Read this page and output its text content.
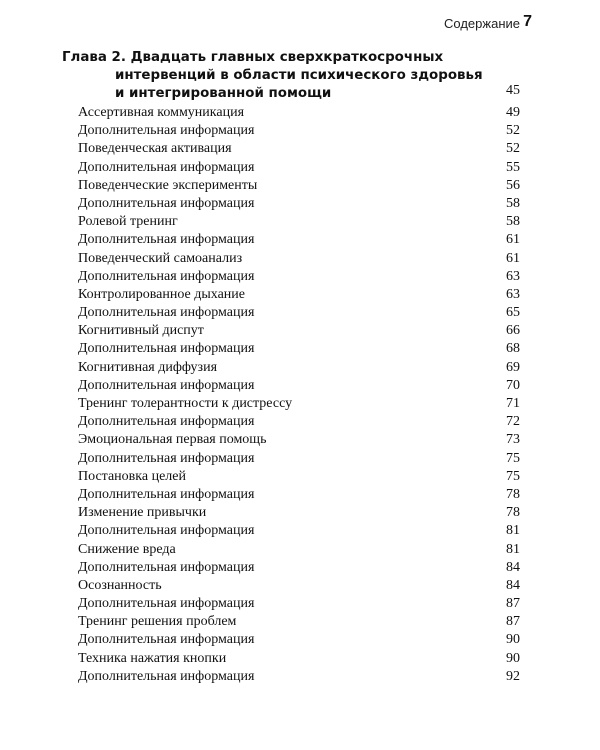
Содержание 7
Глава 2. Двадцать главных сверхкраткосрочных
интервенций в области психического здоровья
и интегрированной помощи	45
Ассертивная коммуникация	49
Дополнительная информация	52
Поведенческая активация	52
Дополнительная информация	55
Поведенческие эксперименты	56
Дополнительная информация	58
Ролевой тренинг	58
Дополнительная информация	61
Поведенческий самоанализ	61
Дополнительная информация	63
Контролированное дыхание	63
Дополнительная информация	65
Когнитивный диспут	66
Дополнительная информация	68
Когнитивная диффузия	69
Дополнительная информация	70
Тренинг толерантности к дистрессу	71
Дополнительная информация	72
Эмоциональная первая помощь	73
Дополнительная информация	75
Постановка целей	75
Дополнительная информация	78
Изменение привычки	78
Дополнительная информация	81
Снижение вреда	81
Дополнительная информация	84
Осознанность	84
Дополнительная информация	87
Тренинг решения проблем	87
Дополнительная информация	90
Техника нажатия кнопки	90
Дополнительная информация	92
